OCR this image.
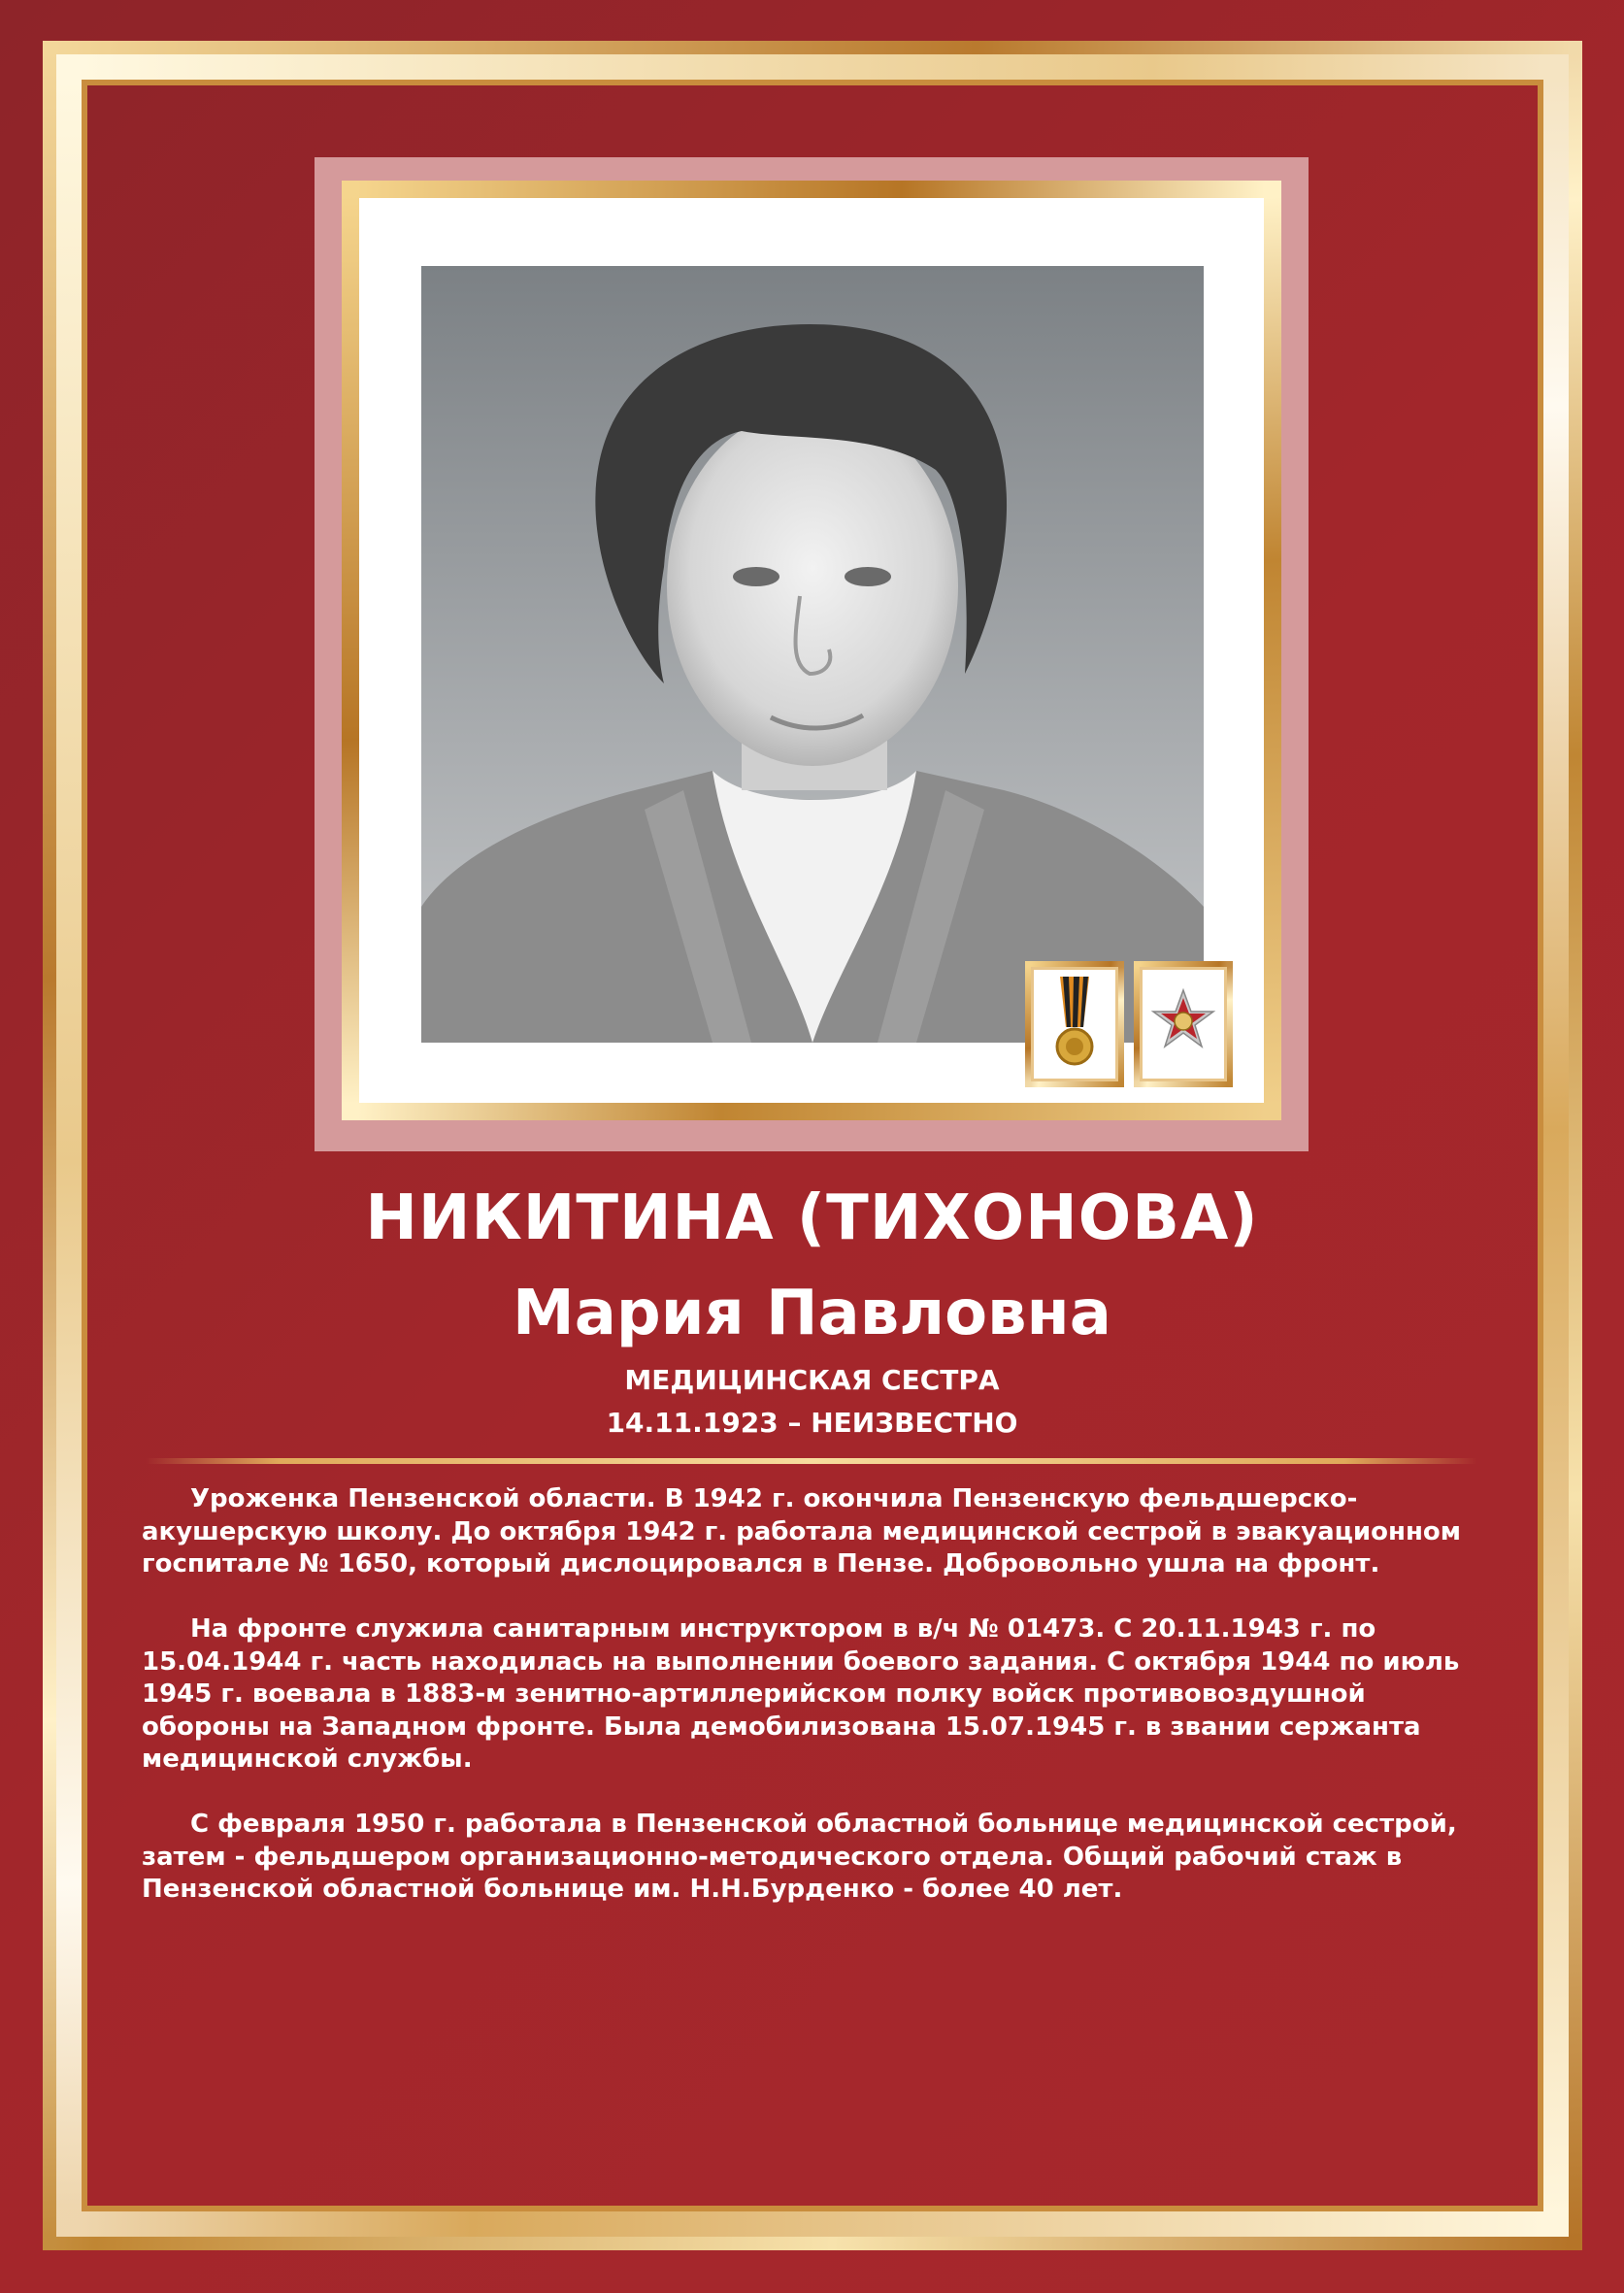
НИКИТИНА (ТИХОНОВА)
Мария Павловна
МЕДИЦИНСКАЯ СЕСТРА
14.11.1923 – НЕИЗВЕСТНО

Уроженка Пензенской области. В 1942 г. окончила Пензенскую фельдшерско-акушерскую школу. До октября 1942 г. работала медицинской сестрой в эвакуационном госпитале № 1650, который дислоцировался в Пензе. Добровольно ушла на фронт.

На фронте служила санитарным инструктором в в/ч № 01473. С 20.11.1943 г. по 15.04.1944 г. часть находилась на выполнении боевого задания. С октября 1944 по июль 1945 г. воевала в 1883-м зенитно-артиллерийском полку войск противовоздушной обороны на Западном фронте. Была демобилизована 15.07.1945 г. в звании сержанта медицинской службы.

С февраля 1950 г. работала в Пензенской областной больнице медицинской сестрой, затем - фельдшером организационно-методического отдела. Общий рабочий стаж в Пензенской областной больнице им. Н.Н.Бурденко - более 40 лет.
